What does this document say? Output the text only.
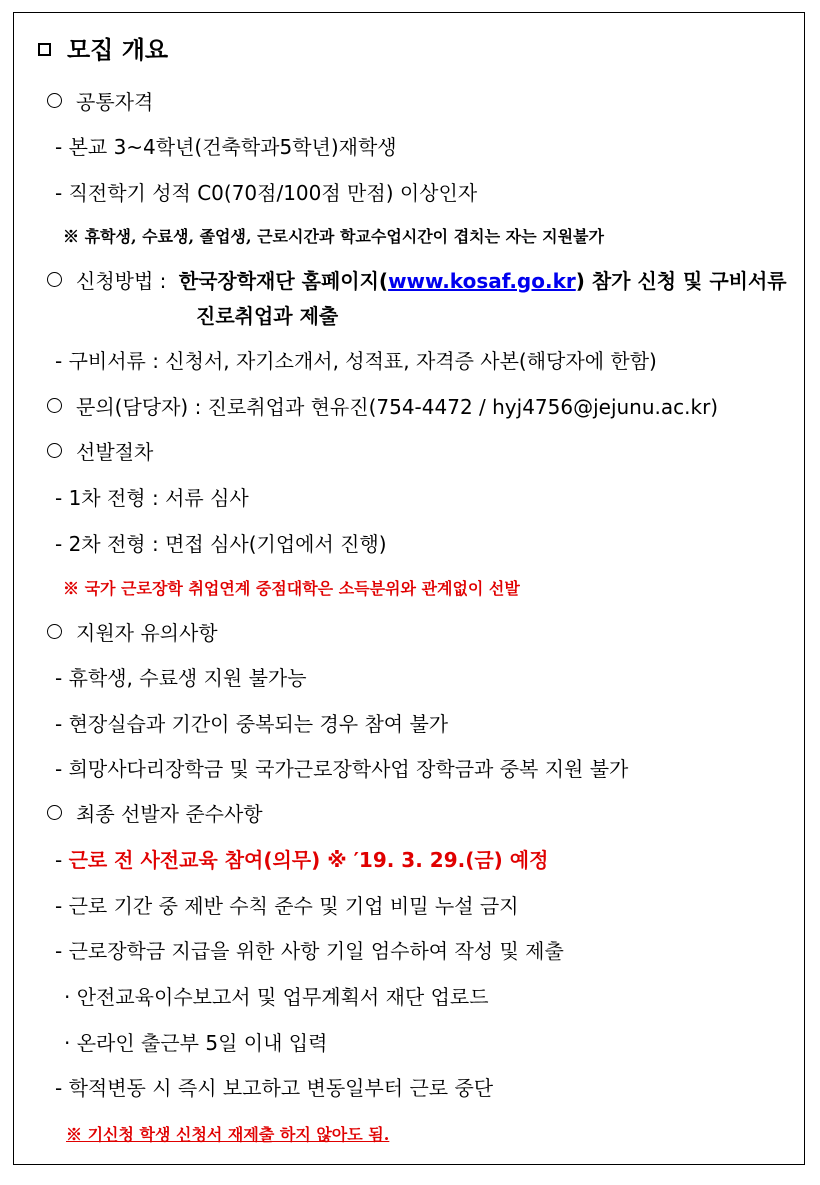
모집 개요
공통자격
- 본교 3~4학년(건축학과5학년)재학생
- 직전학기 성적 C0(70점/100점 만점) 이상인자
※ 휴학생, 수료생, 졸업생, 근로시간과 학교수업시간이 겹치는 자는 지원불가
신청방법 : 한국장학재단 홈페이지(www.kosaf.go.kr) 참가 신청 및 구비서류
진로취업과 제출
- 구비서류 : 신청서, 자기소개서, 성적표, 자격증 사본(해당자에 한함)
문의(담당자) : 진로취업과 현유진(754-4472 / hyj4756@jejunu.ac.kr)
선발절차
- 1차 전형 : 서류 심사
- 2차 전형 : 면접 심사(기업에서 진행)
※ 국가 근로장학 취업연계 중점대학은 소득분위와 관계없이 선발
지원자 유의사항
- 휴학생, 수료생 지원 불가능
- 현장실습과 기간이 중복되는 경우 참여 불가
- 희망사다리장학금 및 국가근로장학사업 장학금과 중복 지원 불가
최종 선발자 준수사항
- 근로 전 사전교육 참여(의무) ※ ′19. 3. 29.(금) 예정
- 근로 기간 중 제반 수칙 준수 및 기업 비밀 누설 금지
- 근로장학금 지급을 위한 사항 기일 엄수하여 작성 및 제출
· 안전교육이수보고서 및 업무계획서 재단 업로드
· 온라인 출근부 5일 이내 입력
- 학적변동 시 즉시 보고하고 변동일부터 근로 중단
※ 기신청 학생 신청서 재제출 하지 않아도 됨.
